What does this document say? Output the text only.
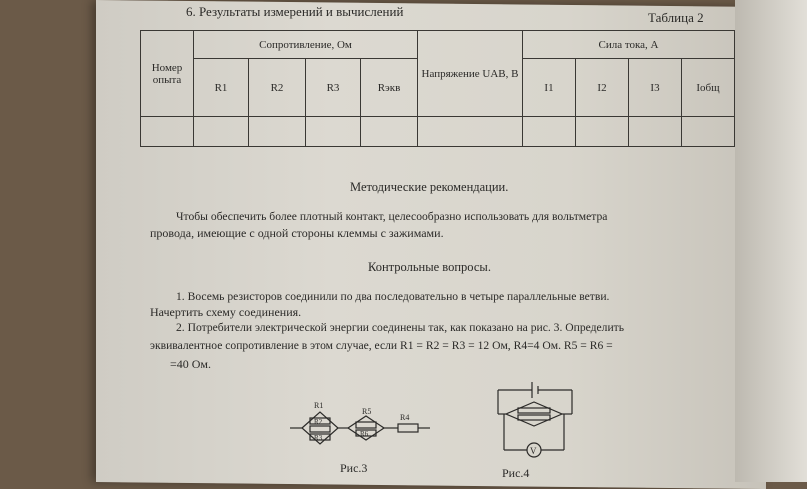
6. Результаты измерений и вычислений	Таблица 2
Номер опыта	Сопротивление, Ом				Напряжение UАВ, В	Сила тока, А			
	R1	R2	R3	Rэкв		I1	I2	I3	Iобщ

Методические рекомендации.
Чтобы обеспечить более плотный контакт, целесообразно использовать для вольтметра
провода, имеющие с одной стороны клеммы с зажимами.
Контрольные вопросы.
1. Восемь резисторов соединили по два последовательно в четыре параллельные ветви.
Начертить схему соединения.
2. Потребители электрической энергии соединены так, как показано на рис. 3. Определить
эквивалентное сопротивление в этом случае, если R1 = R2 = R3 = 12 Ом, R4=4 Ом. R5 = R6 =
=40 Ом.
R1
R2
R3
R5
R6
R4
Рис.3
V
Рис.4
